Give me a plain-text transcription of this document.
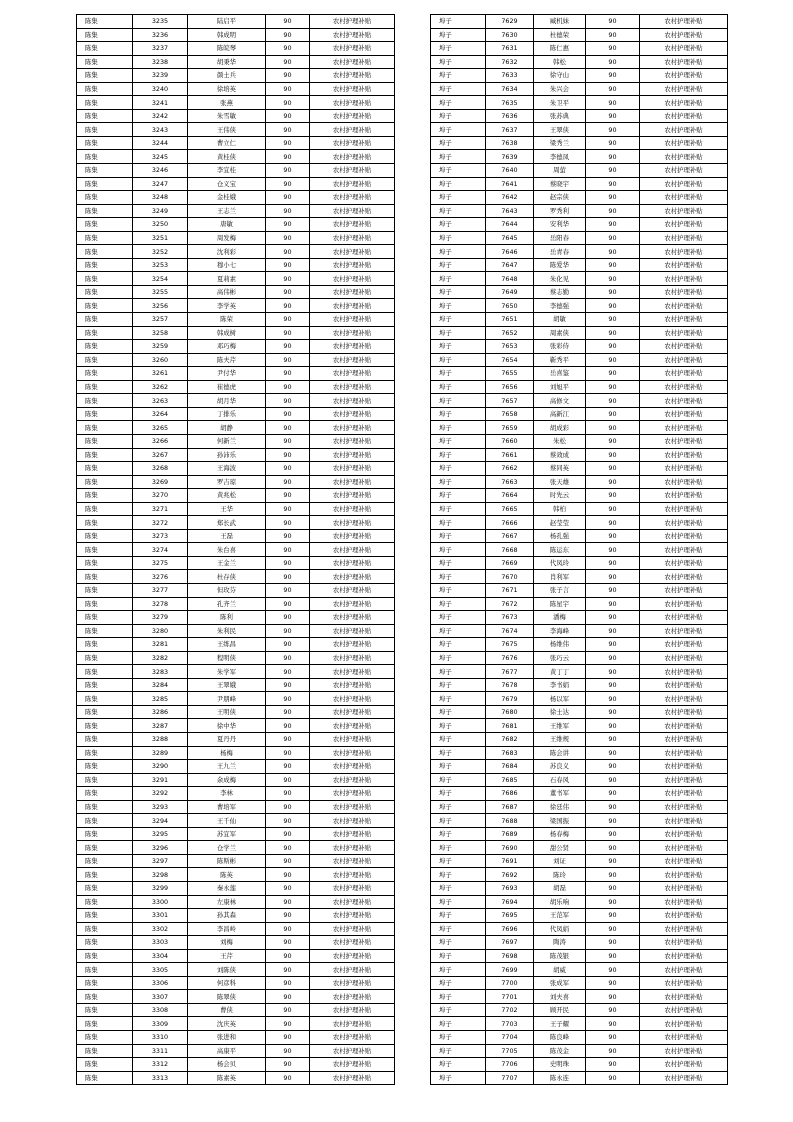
陈集	3235	陆启平	90	农村护理补贴
陈集	3236	韩成明	90	农村护理补贴
陈集	3237	陈皖琴	90	农村护理补贴
陈集	3238	胡秉华	90	农村护理补贴
陈集	3239	颜士兵	90	农村护理补贴
陈集	3240	徐培英	90	农村护理补贴
陈集	3241	张燕	90	农村护理补贴
陈集	3242	朱雪敏	90	农村护理补贴
陈集	3243	王伟侠	90	农村护理补贴
陈集	3244	曹立仁	90	农村护理补贴
陈集	3245	黄桂侠	90	农村护理补贴
陈集	3246	李宜桂	90	农村护理补贴
陈集	3247	仓义宝	90	农村护理补贴
陈集	3248	金桂娥	90	农村护理补贴
陈集	3249	王志兰	90	农村护理补贴
陈集	3250	唐敏	90	农村护理补贴
陈集	3251	周发梅	90	农村护理补贴
陈集	3252	沈利彩	90	农村护理补贴
陈集	3253	穆小七	90	农村护理补贴
陈集	3254	夏莉素	90	农村护理补贴
陈集	3255	高伟彬	90	农村护理补贴
陈集	3256	李学英	90	农村护理补贴
陈集	3257	陈荣	90	农村护理补贴
陈集	3258	韩成树	90	农村护理补贴
陈集	3259	邓巧梅	90	农村护理补贴
陈集	3260	陈夫芹	90	农村护理补贴
陈集	3261	尹付华	90	农村护理补贴
陈集	3262	崔德虎	90	农村护理补贴
陈集	3263	胡月华	90	农村护理补贴
陈集	3264	丁排乐	90	农村护理补贴
陈集	3265	胡静	90	农村护理补贴
陈集	3266	何新兰	90	农村护理补贴
陈集	3267	孙沛乐	90	农村护理补贴
陈集	3268	王海波	90	农村护理补贴
陈集	3269	罗吉琼	90	农村护理补贴
陈集	3270	黄兆松	90	农村护理补贴
陈集	3271	王华	90	农村护理补贴
陈集	3272	郑长武	90	农村护理补贴
陈集	3273	王磊	90	农村护理补贴
陈集	3274	朱台喜	90	农村护理补贴
陈集	3275	王金兰	90	农村护理补贴
陈集	3276	杜存侠	90	农村护理补贴
陈集	3277	但玫芬	90	农村护理补贴
陈集	3278	孔齐兰	90	农村护理补贴
陈集	3279	陈利	90	农村护理补贴
陈集	3280	朱利民	90	农村护理补贴
陈集	3281	王练昌	90	农村护理补贴
陈集	3282	程明侠	90	农村护理补贴
陈集	3283	朱学军	90	农村护理补贴
陈集	3284	王翠娥	90	农村护理补贴
陈集	3285	尹朋峰	90	农村护理补贴
陈集	3286	王明侠	90	农村护理补贴
陈集	3287	徐中华	90	农村护理补贴
陈集	3288	夏丹丹	90	农村护理补贴
陈集	3289	杨梅	90	农村护理补贴
陈集	3290	王九兰	90	农村护理补贴
陈集	3291	余成梅	90	农村护理补贴
陈集	3292	李林	90	农村护理补贴
陈集	3293	曹培军	90	农村护理补贴
陈集	3294	王千仙	90	农村护理补贴
陈集	3295	苏宜军	90	农村护理补贴
陈集	3296	仓学兰	90	农村护理补贴
陈集	3297	陈斯彬	90	农村护理补贴
陈集	3298	陈英	90	农村护理补贴
陈集	3299	秦永莲	90	农村护理补贴
陈集	3300	左康林	90	农村护理补贴
陈集	3301	孙其森	90	农村护理补贴
陈集	3302	李昌岭	90	农村护理补贴
陈集	3303	刘梅	90	农村护理补贴
陈集	3304	王芹	90	农村护理补贴
陈集	3305	刘陈侠	90	农村护理补贴
陈集	3306	何彦科	90	农村护理补贴
陈集	3307	陈翠侠	90	农村护理补贴
陈集	3308	曹侠	90	农村护理补贴
陈集	3309	沈庆英	90	农村护理补贴
陈集	3310	张进和	90	农村护理补贴
陈集	3311	高康平	90	农村护理补贴
陈集	3312	杨会贝	90	农村护理补贴
陈集	3313	陈素英	90	农村护理补贴
埠子	7629	臧机妹	90	农村护理补贴
埠子	7630	杜德荣	90	农村护理补贴
埠子	7631	陈仁惠	90	农村护理补贴
埠子	7632	韩松	90	农村护理补贴
埠子	7633	徐守山	90	农村护理补贴
埠子	7634	朱兴会	90	农村护理补贴
埠子	7635	朱卫平	90	农村护理补贴
埠子	7636	张苏典	90	农村护理补贴
埠子	7637	王翠侠	90	农村护理补贴
埠子	7638	梁秀兰	90	农村护理补贴
埠子	7639	李德凤	90	农村护理补贴
埠子	7640	周萤	90	农村护理补贴
埠子	7641	蔡晓宇	90	农村护理补贴
埠子	7642	赵宗侠	90	农村护理补贴
埠子	7643	罗秀利	90	农村护理补贴
埠子	7644	安利华	90	农村护理补贴
埠子	7645	岳阳春	90	农村护理补贴
埠子	7646	岳青春	90	农村护理补贴
埠子	7647	陈爱华	90	农村护理补贴
埠子	7648	朱化见	90	农村护理补贴
埠子	7649	蔡志勤	90	农村护理补贴
埠子	7650	李德强	90	农村护理补贴
埠子	7651	胡敏	90	农村护理补贴
埠子	7652	周素侠	90	农村护理补贴
埠子	7653	张彩侍	90	农村护理补贴
埠子	7654	靳秀平	90	农村护理补贴
埠子	7655	岳喜鉴	90	农村护理补贴
埠子	7656	刘旭平	90	农村护理补贴
埠子	7657	高修文	90	农村护理补贴
埠子	7658	高新江	90	农村护理补贴
埠子	7659	胡成彩	90	农村护理补贴
埠子	7660	朱松	90	农村护理补贴
埠子	7661	蔡效成	90	农村护理补贴
埠子	7662	蔡同英	90	农村护理补贴
埠子	7663	张天雄	90	农村护理补贴
埠子	7664	时先云	90	农村护理补贴
埠子	7665	韩柏	90	农村护理补贴
埠子	7666	赵莹莹	90	农村护理补贴
埠子	7667	杨孔强	90	农村护理补贴
埠子	7668	陈运东	90	农村护理补贴
埠子	7669	代凤玲	90	农村护理补贴
埠子	7670	肖利军	90	农村护理补贴
埠子	7671	张子言	90	农村护理补贴
埠子	7672	陈星宇	90	农村护理补贴
埠子	7673	潘梅	90	农村护理补贴
埠子	7674	李海峰	90	农村护理补贴
埠子	7675	杨维伟	90	农村护理补贴
埠子	7676	张巧云	90	农村护理补贴
埠子	7677	黄丁丁	90	农村护理补贴
埠子	7678	李书娟	90	农村护理补贴
埠子	7679	杨以军	90	农村护理补贴
埠子	7680	徐士达	90	农村护理补贴
埠子	7681	王维军	90	农村护理补贴
埠子	7682	王维规	90	农村护理补贴
埠子	7683	陈会讲	90	农村护理补贴
埠子	7684	苏良义	90	农村护理补贴
埠子	7685	石春风	90	农村护理补贴
埠子	7686	董书军	90	农村护理补贴
埠子	7687	徐廷伟	90	农村护理补贴
埠子	7688	梁国振	90	农村护理补贴
埠子	7689	杨春梅	90	农村护理补贴
埠子	7690	甜公贤	90	农村护理补贴
埠子	7691	刘证	90	农村护理补贴
埠子	7692	陈玲	90	农村护理补贴
埠子	7693	胡磊	90	农村护理补贴
埠子	7694	胡乐响	90	农村护理补贴
埠子	7695	王范军	90	农村护理补贴
埠子	7696	代凤娟	90	农村护理补贴
埠子	7697	陶涛	90	农村护理补贴
埠子	7698	陈茂银	90	农村护理补贴
埠子	7699	胡威	90	农村护理补贴
埠子	7700	张成军	90	农村护理补贴
埠子	7701	刘夫喜	90	农村护理补贴
埠子	7702	顾开民	90	农村护理补贴
埠子	7703	王子耀	90	农村护理补贴
埠子	7704	陈良峰	90	农村护理补贴
埠子	7705	陈茂金	90	农村护理补贴
埠子	7706	史明珠	90	农村护理补贴
埠子	7707	陈永连	90	农村护理补贴
